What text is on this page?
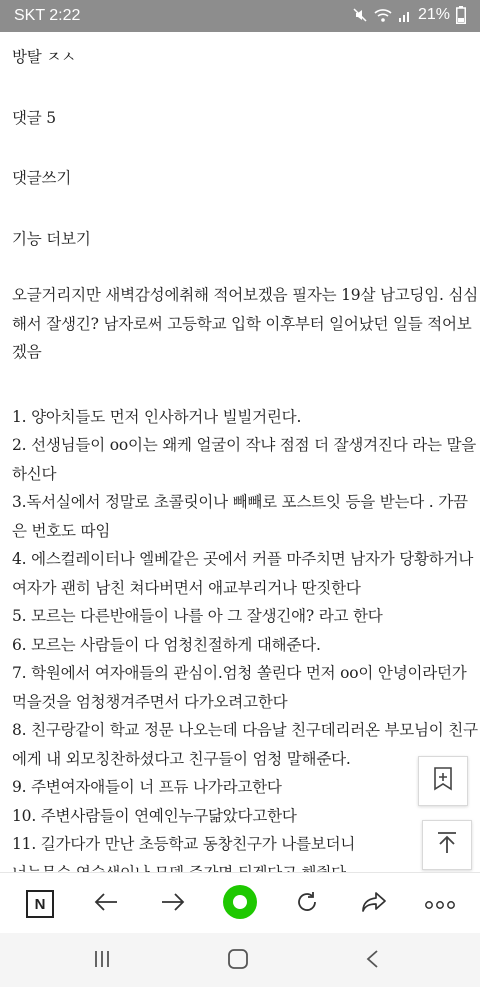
SKT 2:22	21%
방탈 ㅈㅅ
댓글 5
댓글쓰기
기능 더보기
오글거리지만 새벽감성에취해 적어보겠음 필자는 19살 남고딩임. 심심
해서 잘생긴? 남자로써 고등학교 입학 이후부터 일어났던 일들 적어보
겠음
1. 양아치들도 먼저 인사하거나 빌빌거린다.
2. 선생님들이 oo이는 왜케 얼굴이 작냐 점점 더 잘생겨진다 라는 말을
하신다
3.독서실에서 정말로 초콜릿이나 빼빼로 포스트잇 등을 받는다 . 가끔
은 번호도 따임
4. 에스컬레이터나 엘베같은 곳에서 커플 마주치면 남자가 당황하거나
여자가 괜히 남친 쳐다버면서 애교부리거나 딴짓한다
5. 모르는 다른반애들이 나를 아 그 잘생긴애? 라고 한다
6. 모르는 사람들이 다 엄청친절하게 대해준다.
7. 학원에서 여자애들의 관심이.엄청 쏠린다 먼저 oo이 안녕이라던가
먹을것을 엄청챙겨주면서 다가오려고한다
8. 친구랑같이 학교 정문 나오는데 다음날 친구데리러온 부모님이 친구
에게 내 외모칭찬하셨다고 친구들이 엄청 말해준다.
9. 주변여자애들이 너 프듀 나가라고한다
10. 주변사람들이 연예인누구닮았다고한다
11. 길가다가 만난 초등학교 동창친구가 나를보더니
N
